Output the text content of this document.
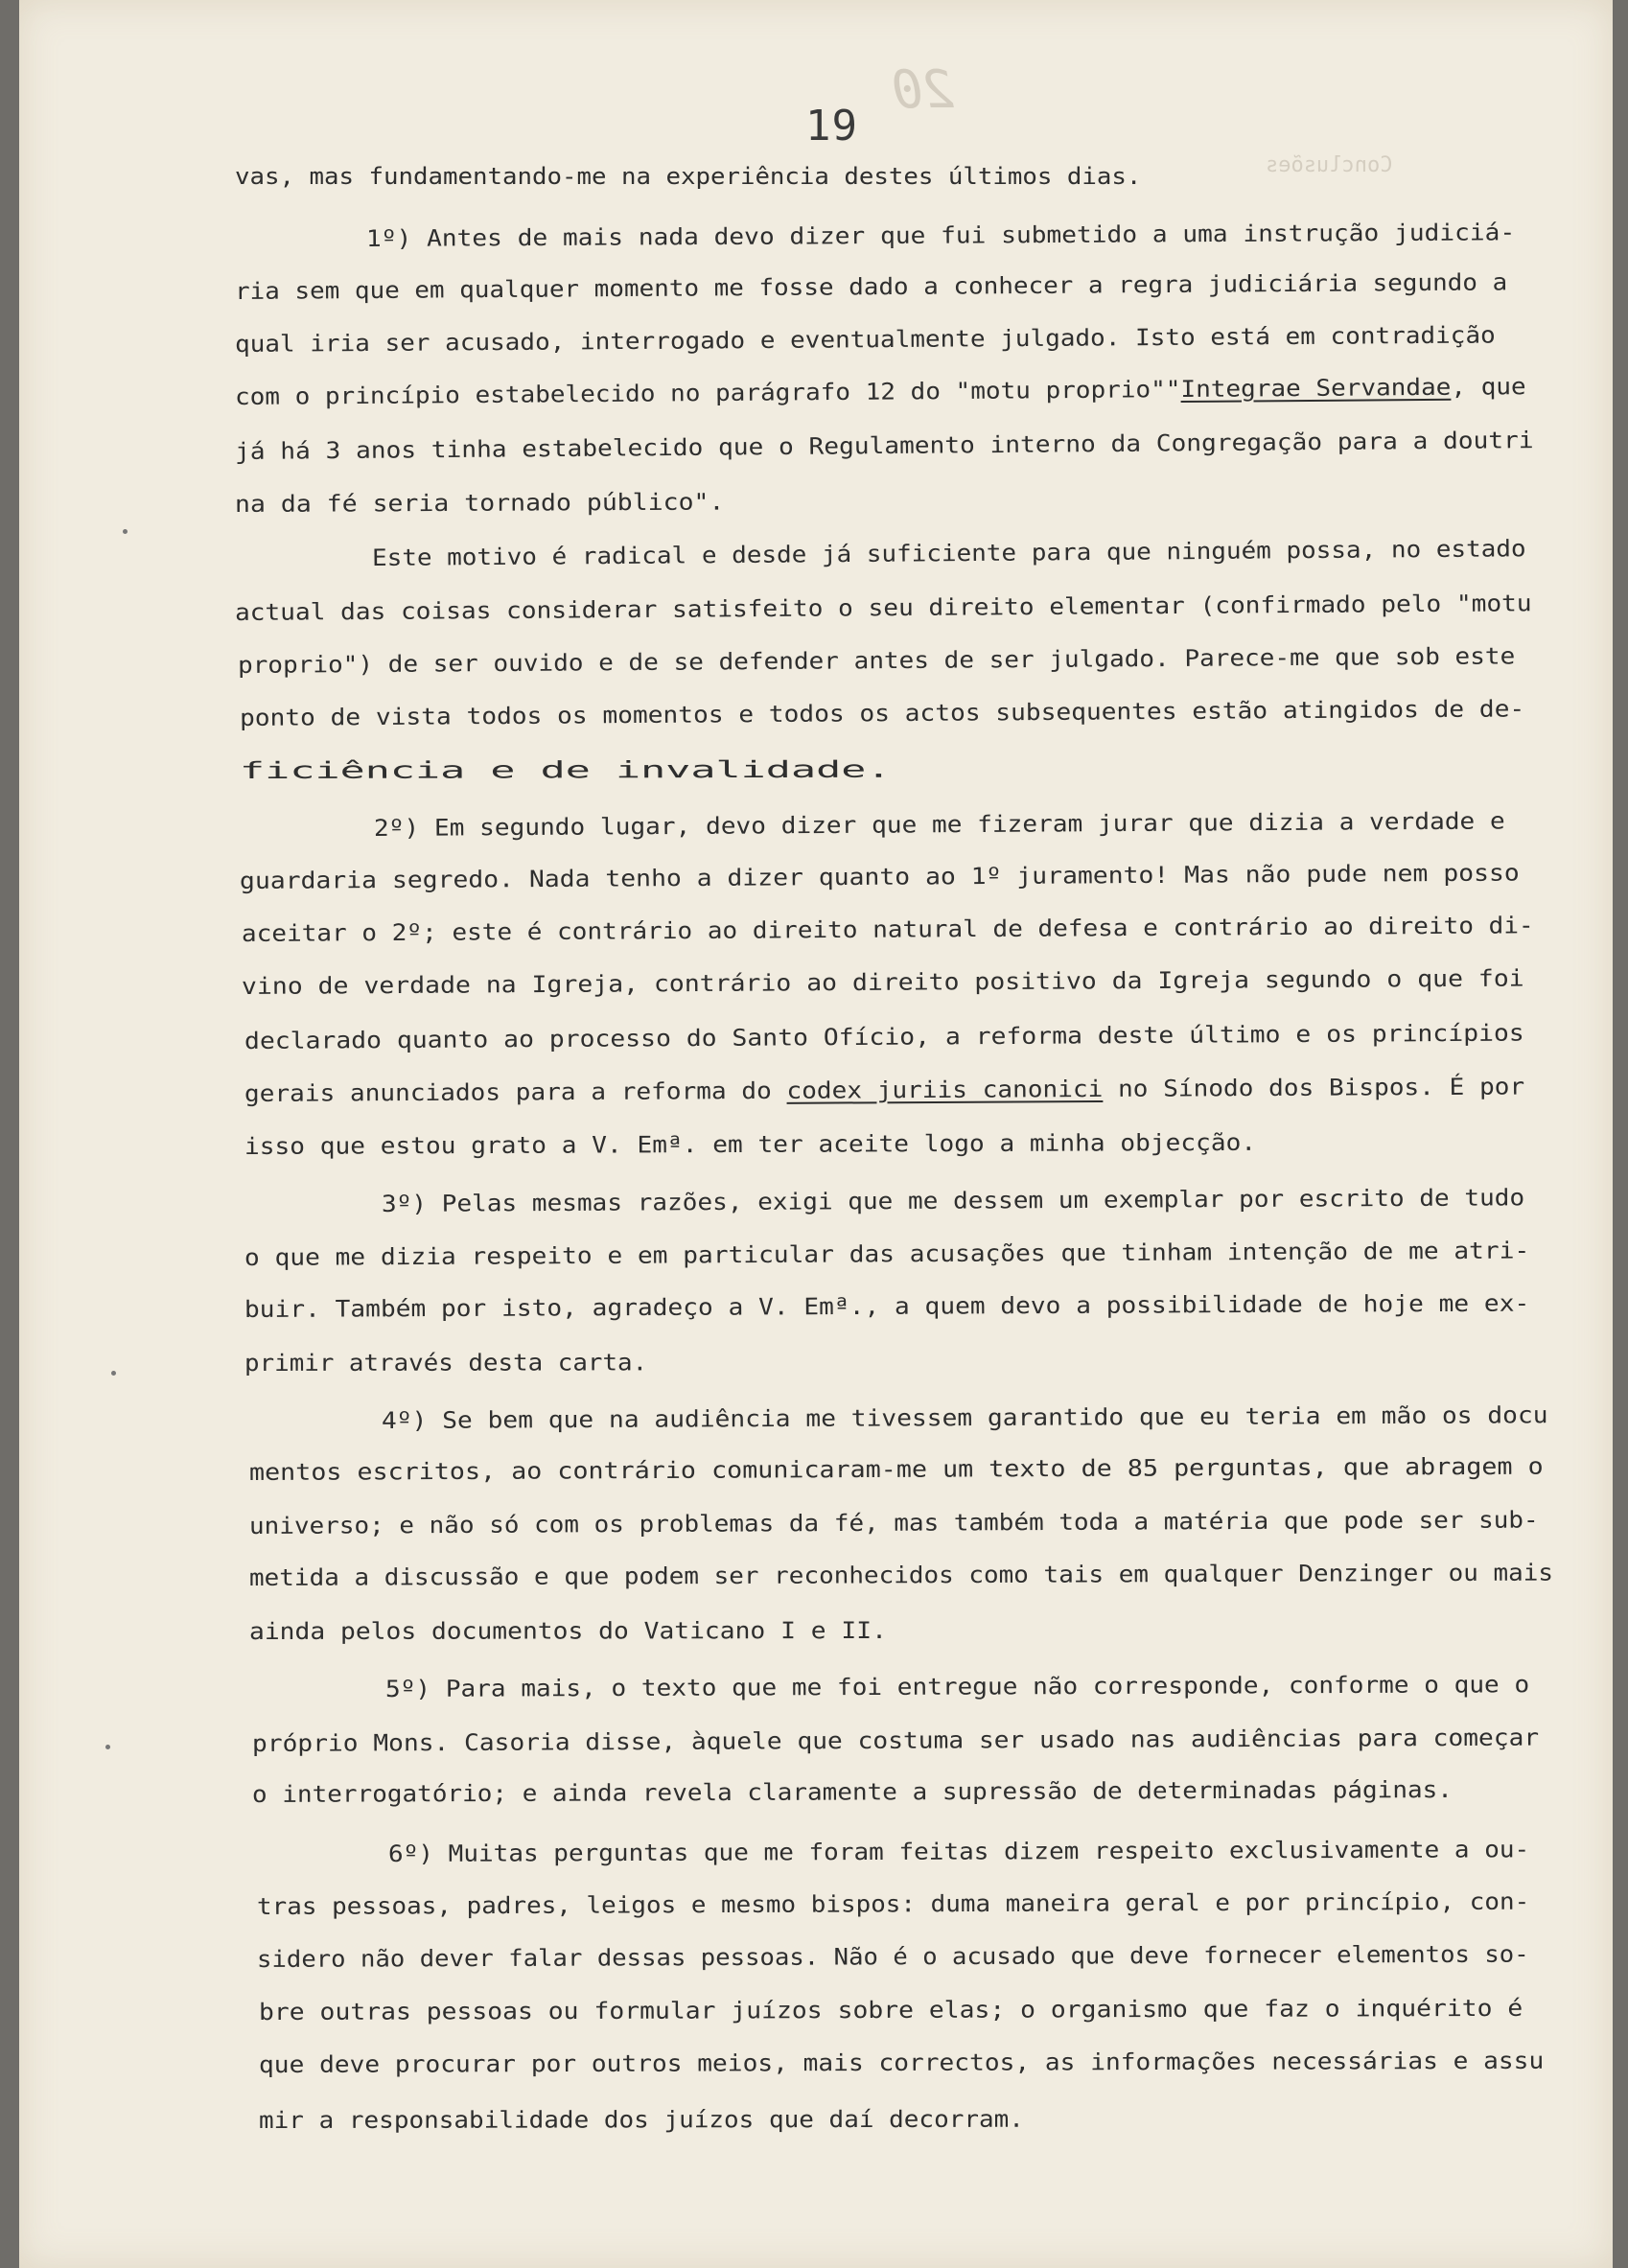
20
Conclusões
19
vas, mas fundamentando-me na experiência destes últimos dias.
1º) Antes de mais nada devo dizer que fui submetido a uma instrução judiciá-
ria sem que em qualquer momento me fosse dado a conhecer a regra judiciária segundo a
qual iria ser acusado, interrogado e eventualmente julgado. Isto está em contradição
com o princípio estabelecido no parágrafo 12 do "motu proprio""Integrae Servandae, que
já há 3 anos tinha estabelecido que o Regulamento interno da Congregação para a doutri
na da fé seria tornado público".
Este motivo é radical e desde já suficiente para que ninguém possa, no estado
actual das coisas considerar satisfeito o seu direito elementar (confirmado pelo "motu
proprio") de ser ouvido e de se defender antes de ser julgado. Parece-me que sob este
ponto de vista todos os momentos e todos os actos subsequentes estão atingidos de de-
ficiência e de invalidade.
2º) Em segundo lugar, devo dizer que me fizeram jurar que dizia a verdade e
guardaria segredo. Nada tenho a dizer quanto ao 1º juramento! Mas não pude nem posso
aceitar o 2º; este é contrário ao direito natural de defesa e contrário ao direito di-
vino de verdade na Igreja, contrário ao direito positivo da Igreja segundo o que foi
declarado quanto ao processo do Santo Ofício, a reforma deste último e os princípios
gerais anunciados para a reforma do codex juriis canonici no Sínodo dos Bispos. É por
isso que estou grato a V. Emª. em ter aceite logo a minha objecção.
3º) Pelas mesmas razões, exigi que me dessem um exemplar por escrito de tudo
o que me dizia respeito e em particular das acusações que tinham intenção de me atri-
buir. Também por isto, agradeço a V. Emª., a quem devo a possibilidade de hoje me ex-
primir através desta carta.
4º) Se bem que na audiência me tivessem garantido que eu teria em mão os docu
mentos escritos, ao contrário comunicaram-me um texto de 85 perguntas, que abragem o
universo; e não só com os problemas da fé, mas também toda a matéria que pode ser sub-
metida a discussão e que podem ser reconhecidos como tais em qualquer Denzinger ou mais
ainda pelos documentos do Vaticano I e II.
5º) Para mais, o texto que me foi entregue não corresponde, conforme o que o
próprio Mons. Casoria disse, àquele que costuma ser usado nas audiências para começar
o interrogatório; e ainda revela claramente a supressão de determinadas páginas.
6º) Muitas perguntas que me foram feitas dizem respeito exclusivamente a ou-
tras pessoas, padres, leigos e mesmo bispos: duma maneira geral e por princípio, con-
sidero não dever falar dessas pessoas. Não é o acusado que deve fornecer elementos so-
bre outras pessoas ou formular juízos sobre elas; o organismo que faz o inquérito é
que deve procurar por outros meios, mais correctos, as informações necessárias e assu
mir a responsabilidade dos juízos que daí decorram.
